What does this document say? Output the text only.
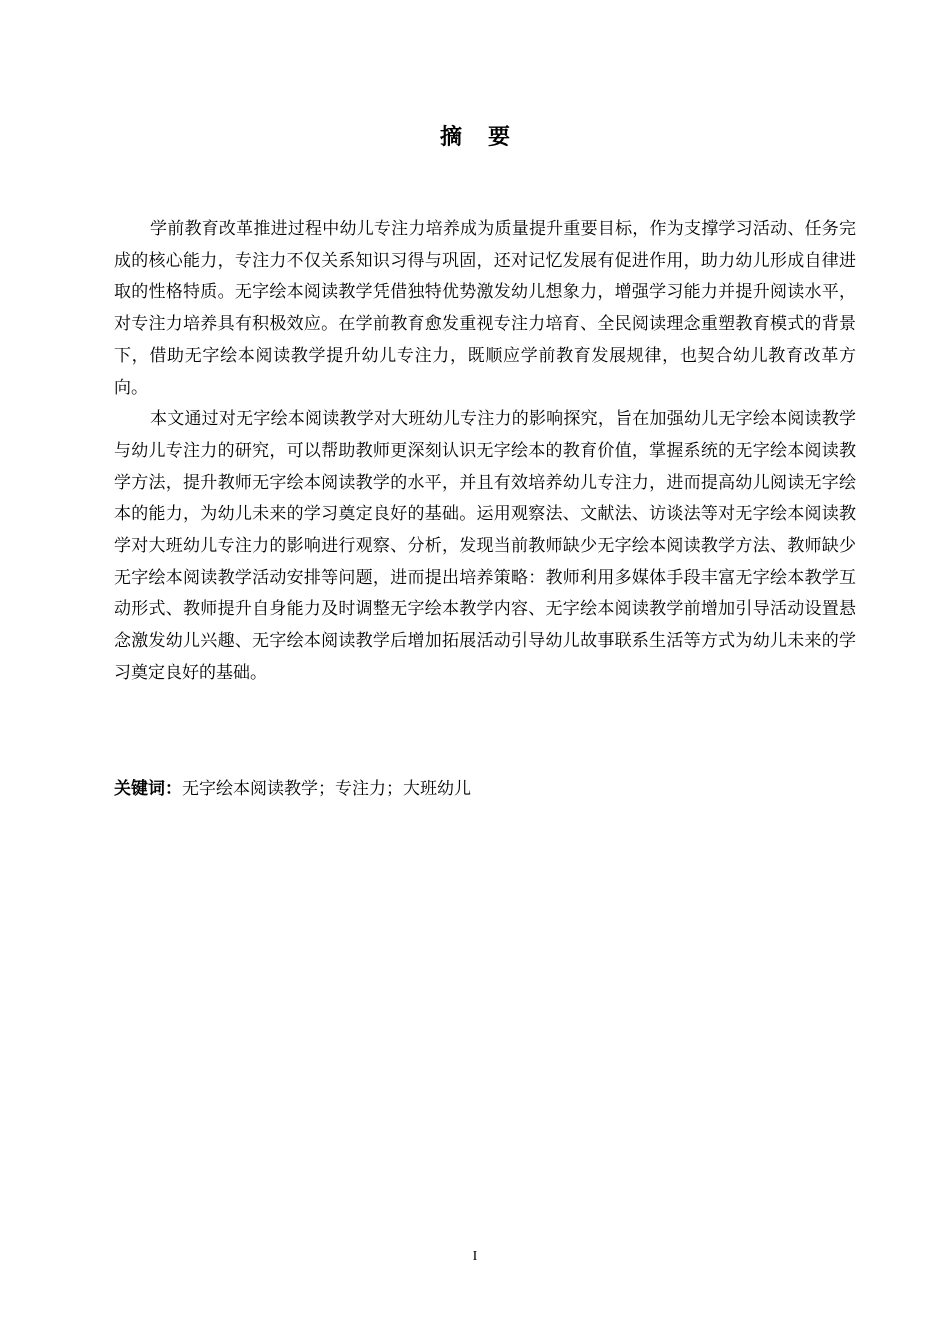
摘要

学前教育改革推进过程中幼儿专注力培养成为质量提升重要目标，作为支撑学习活动、任务完成的核心能力，专注力不仅关系知识习得与巩固，还对记忆发展有促进作用，助力幼儿形成自律进取的性格特质。无字绘本阅读教学凭借独特优势激发幼儿想象力，增强学习能力并提升阅读水平，对专注力培养具有积极效应。在学前教育愈发重视专注力培育、全民阅读理念重塑教育模式的背景下，借助无字绘本阅读教学提升幼儿专注力，既顺应学前教育发展规律，也契合幼儿教育改革方向。

本文通过对无字绘本阅读教学对大班幼儿专注力的影响探究，旨在加强幼儿无字绘本阅读教学与幼儿专注力的研究，可以帮助教师更深刻认识无字绘本的教育价值，掌握系统的无字绘本阅读教学方法，提升教师无字绘本阅读教学的水平，并且有效培养幼儿专注力，进而提高幼儿阅读无字绘本的能力，为幼儿未来的学习奠定良好的基础。运用观察法、文献法、访谈法等对无字绘本阅读教学对大班幼儿专注力的影响进行观察、分析，发现当前教师缺少无字绘本阅读教学方法、教师缺少无字绘本阅读教学活动安排等问题，进而提出培养策略：教师利用多媒体手段丰富无字绘本教学互动形式、教师提升自身能力及时调整无字绘本教学内容、无字绘本阅读教学前增加引导活动设置悬念激发幼儿兴趣、无字绘本阅读教学后增加拓展活动引导幼儿故事联系生活等方式为幼儿未来的学习奠定良好的基础。

关键词：无字绘本阅读教学；专注力；大班幼儿
I
